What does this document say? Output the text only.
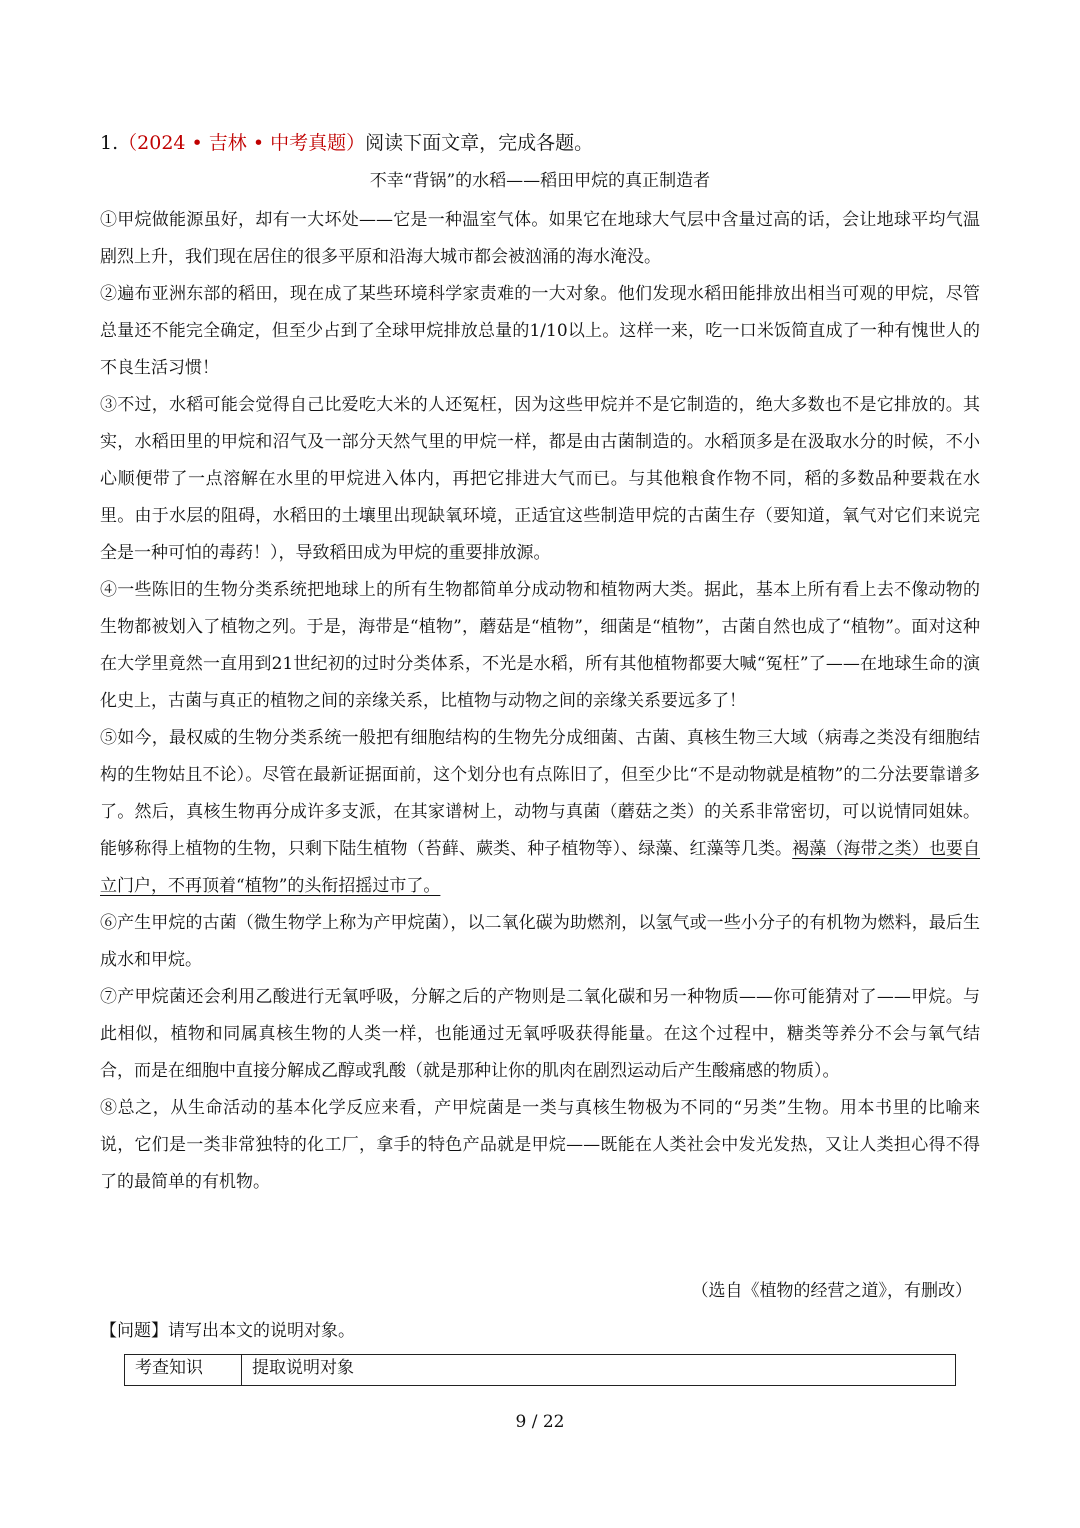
1.（2024 • 吉林 • 中考真题）阅读下面文章，完成各题。
不幸“背锅”的水稻——稻田甲烷的真正制造者

①甲烷做能源虽好，却有一大坏处——它是一种温室气体。如果它在地球大气层中含量过高的话，会让地球平均气温剧烈上升，我们现在居住的很多平原和沿海大城市都会被汹涌的海水淹没。

②遍布亚洲东部的稻田，现在成了某些环境科学家责难的一大对象。他们发现水稻田能排放出相当可观的甲烷，尽管总量还不能完全确定，但至少占到了全球甲烷排放总量的1/10以上。这样一来，吃一口米饭简直成了一种有愧世人的不良生活习惯！

③不过，水稻可能会觉得自己比爱吃大米的人还冤枉，因为这些甲烷并不是它制造的，绝大多数也不是它排放的。其实，水稻田里的甲烷和沼气及一部分天然气里的甲烷一样，都是由古菌制造的。水稻顶多是在汲取水分的时候，不小心顺便带了一点溶解在水里的甲烷进入体内，再把它排进大气而已。与其他粮食作物不同，稻的多数品种要栽在水里。由于水层的阻碍，水稻田的土壤里出现缺氧环境，正适宜这些制造甲烷的古菌生存（要知道，氧气对它们来说完全是一种可怕的毒药！），导致稻田成为甲烷的重要排放源。

④一些陈旧的生物分类系统把地球上的所有生物都简单分成动物和植物两大类。据此，基本上所有看上去不像动物的生物都被划入了植物之列。于是，海带是“植物”，蘑菇是“植物”，细菌是“植物”，古菌自然也成了“植物”。面对这种在大学里竟然一直用到21世纪初的过时分类体系，不光是水稻，所有其他植物都要大喊“冤枉”了——在地球生命的演化史上，古菌与真正的植物之间的亲缘关系，比植物与动物之间的亲缘关系要远多了！

⑤如今，最权威的生物分类系统一般把有细胞结构的生物先分成细菌、古菌、真核生物三大域（病毒之类没有细胞结构的生物姑且不论）。尽管在最新证据面前，这个划分也有点陈旧了，但至少比“不是动物就是植物”的二分法要靠谱多了。然后，真核生物再分成许多支派，在其家谱树上，动物与真菌（蘑菇之类）的关系非常密切，可以说情同姐妹。能够称得上植物的生物，只剩下陆生植物（苔藓、蕨类、种子植物等）、绿藻、红藻等几类。褐藻（海带之类）也要自立门户，不再顶着“植物”的头衔招摇过市了。

⑥产生甲烷的古菌（微生物学上称为产甲烷菌），以二氧化碳为助燃剂，以氢气或一些小分子的有机物为燃料，最后生成水和甲烷。

⑦产甲烷菌还会利用乙酸进行无氧呼吸，分解之后的产物则是二氧化碳和另一种物质——你可能猜对了——甲烷。与此相似，植物和同属真核生物的人类一样，也能通过无氧呼吸获得能量。在这个过程中，糖类等养分不会与氧气结合，而是在细胞中直接分解成乙醇或乳酸（就是那种让你的肌肉在剧烈运动后产生酸痛感的物质）。

⑧总之，从生命活动的基本化学反应来看，产甲烷菌是一类与真核生物极为不同的“另类”生物。用本书里的比喻来说，它们是一类非常独特的化工厂，拿手的特色产品就是甲烷——既能在人类社会中发光发热，又让人类担心得不得了的最简单的有机物。

（选自《植物的经营之道》，有删改）
【问题】请写出本文的说明对象。
考查知识	提取说明对象
9 / 22
